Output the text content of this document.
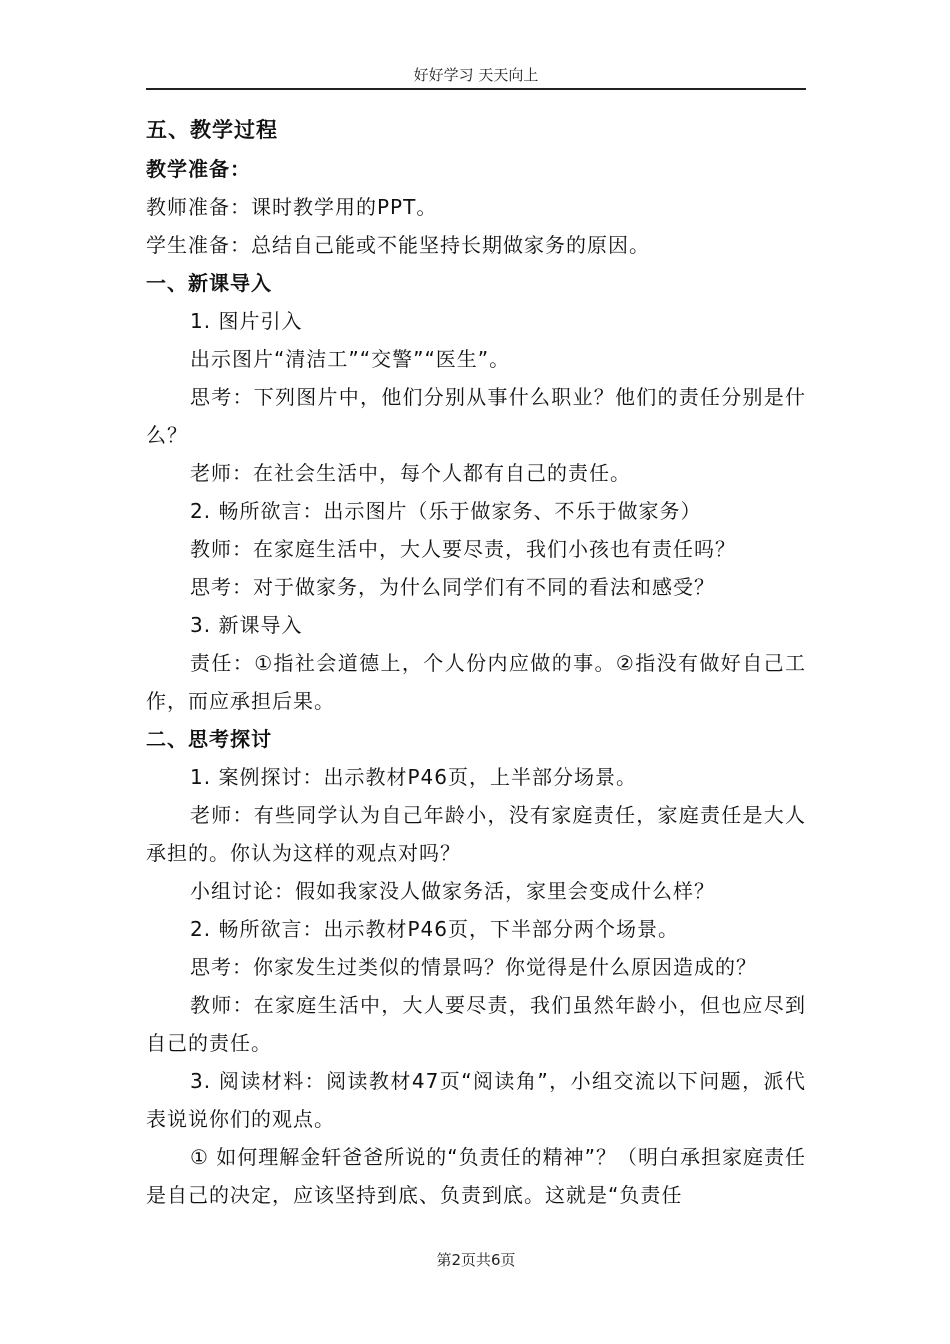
好好学习 天天向上

五、教学过程

教学准备：

教师准备：课时教学用的PPT。

学生准备：总结自己能或不能坚持长期做家务的原因。

一、新课导入

1. 图片引入

出示图片“清洁工”“交警”“医生”。

思考：下列图片中，他们分别从事什么职业？他们的责任分别是什么？

老师：在社会生活中，每个人都有自己的责任。

2. 畅所欲言：出示图片（乐于做家务、不乐于做家务）

教师：在家庭生活中，大人要尽责，我们小孩也有责任吗？

思考：对于做家务，为什么同学们有不同的看法和感受？

3. 新课导入

责任：①指社会道德上，个人份内应做的事。②指没有做好自己工作，而应承担后果。

二、思考探讨

1. 案例探讨：出示教材P46页，上半部分场景。

老师：有些同学认为自己年龄小，没有家庭责任，家庭责任是大人承担的。你认为这样的观点对吗？

小组讨论：假如我家没人做家务活，家里会变成什么样？

2. 畅所欲言：出示教材P46页，下半部分两个场景。

思考：你家发生过类似的情景吗？你觉得是什么原因造成的？

教师：在家庭生活中，大人要尽责，我们虽然年龄小，但也应尽到自己的责任。

3. 阅读材料：阅读教材47页“阅读角”，小组交流以下问题，派代表说说你们的观点。

① 如何理解金轩爸爸所说的“负责任的精神”？（明白承担家庭责任是自己的决定，应该坚持到底、负责到底。这就是“负责任

第2页共6页
